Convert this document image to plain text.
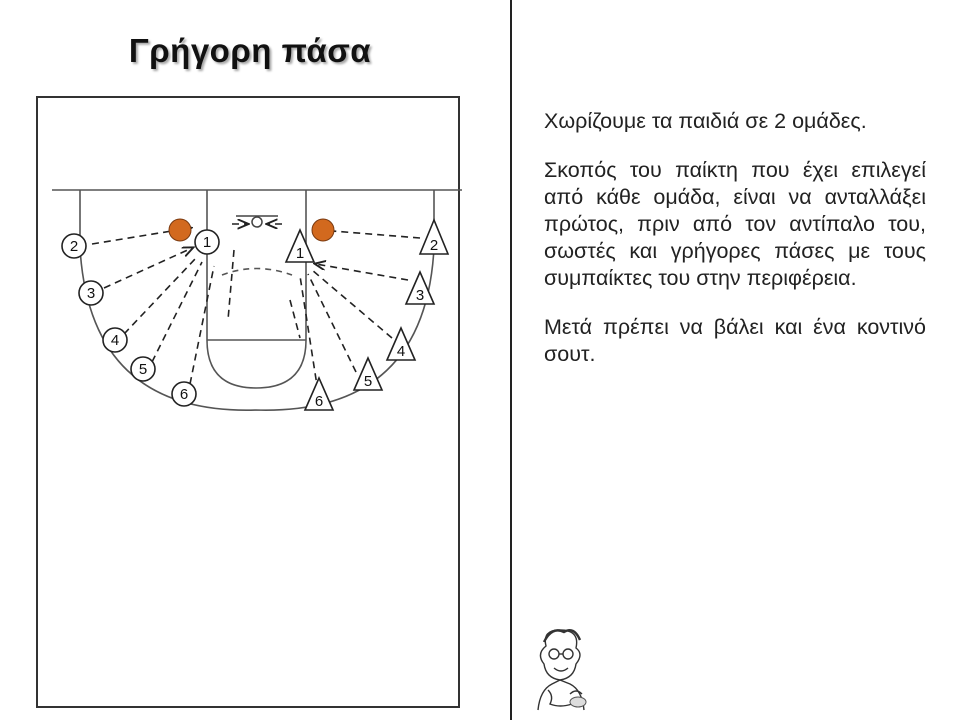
Γρήγορη πάσα
1
2
3
4
5
6
1	2
3
4
5
6

Χωρίζουμε τα παιδιά σε 2 ομάδες.

Σκοπός του παίκτη που έχει επιλεγεί από κάθε ομάδα, είναι να ανταλλάξει πρώτος, πριν από τον αντίπαλο του, σωστές και γρήγορες πάσες με τους συμπαίκτες του στην περιφέρεια.

Μετά πρέπει να βάλει και ένα κοντινό σουτ.
